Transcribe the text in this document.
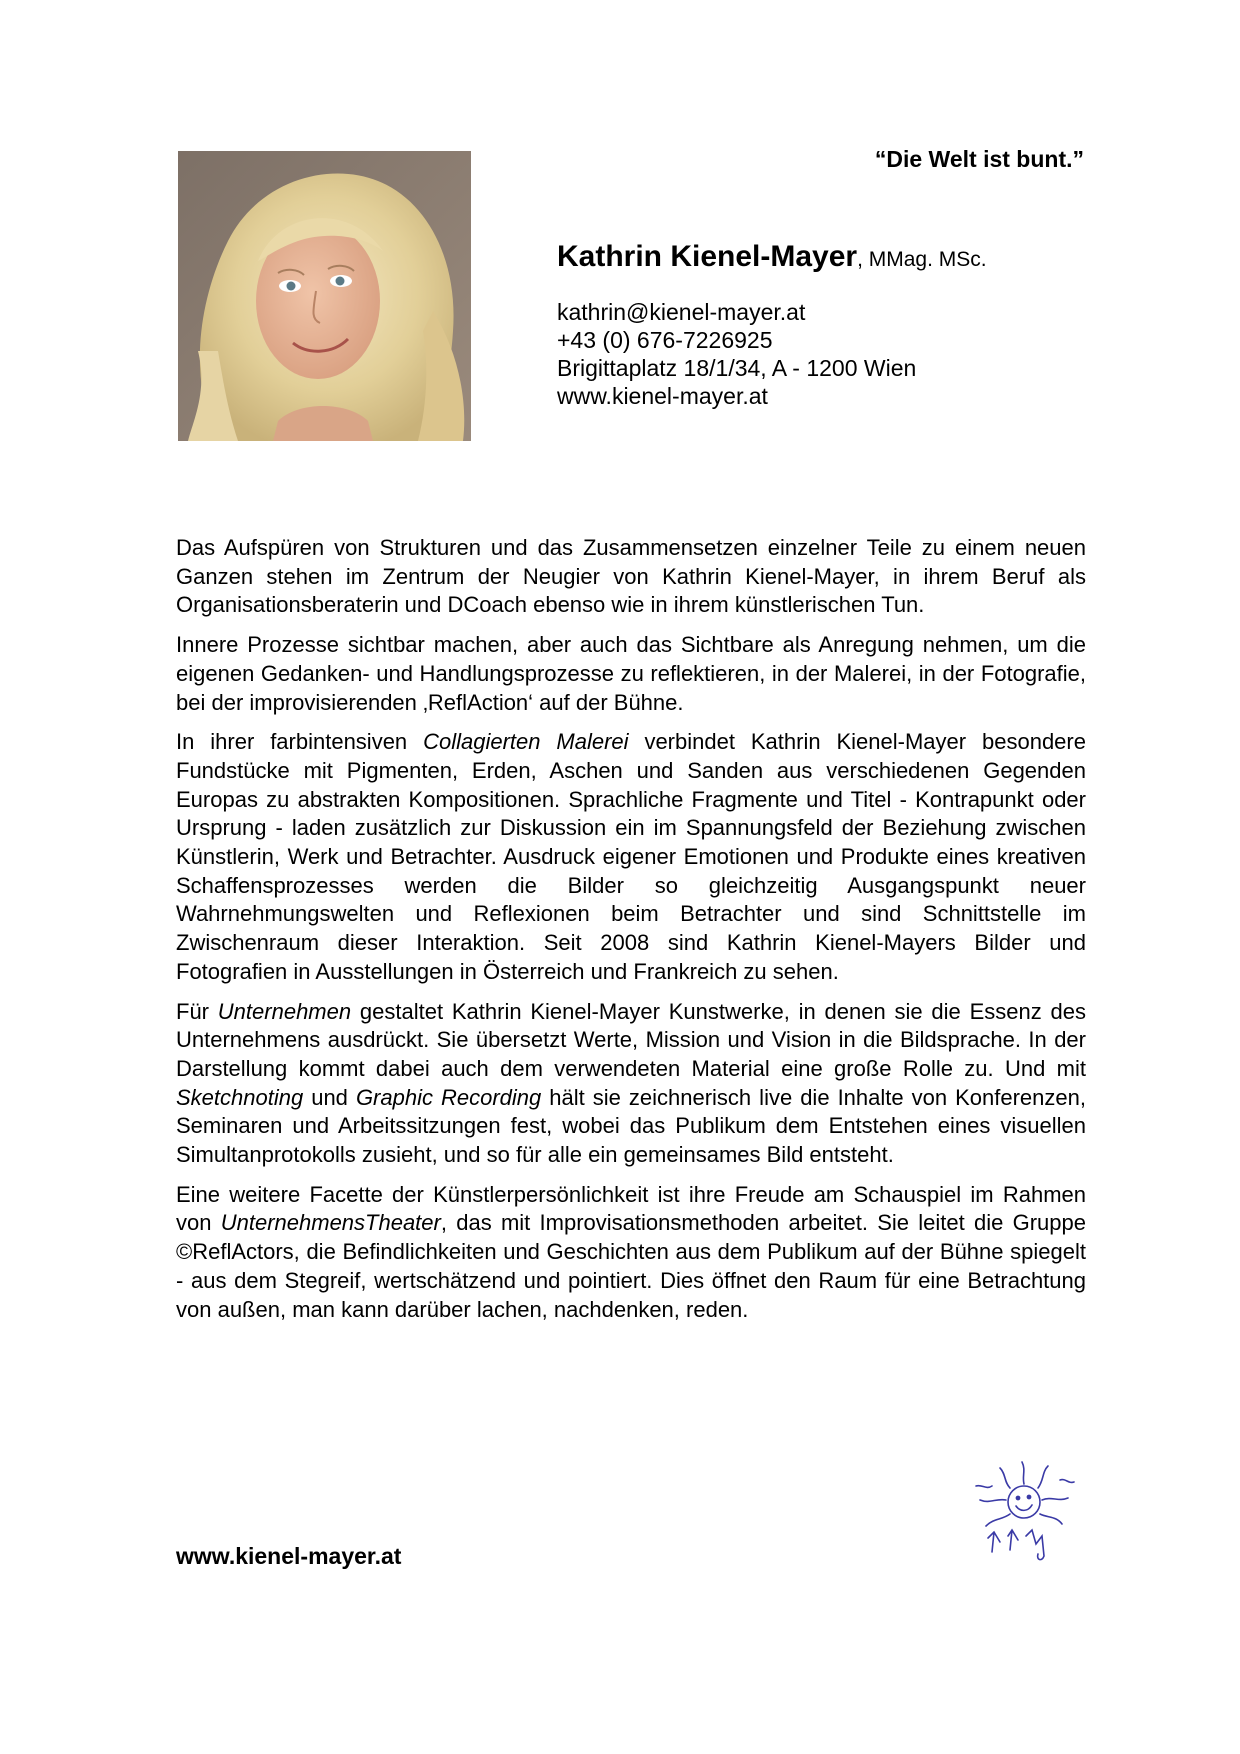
“Die Welt ist bunt.”

Kathrin Kienel-Mayer, MMag. MSc.

kathrin@kienel-mayer.at

+43 (0) 676-7226925

Brigittaplatz 18/1/34, A - 1200 Wien

www.kienel-mayer.at

Das Aufspüren von Strukturen und das Zusammensetzen einzelner Teile zu einem neuen Ganzen stehen im Zentrum der Neugier von Kathrin Kienel-Mayer, in ihrem Beruf als Organisationsberaterin und DCoach ebenso wie in ihrem künstlerischen Tun.

Innere Prozesse sichtbar machen, aber auch das Sichtbare als Anregung nehmen, um die eigenen Gedanken- und Handlungsprozesse zu reflektieren, in der Malerei, in der Fotografie, bei der improvisierenden ‚ReflAction‘ auf der Bühne.

In ihrer farbintensiven Collagierten Malerei verbindet Kathrin Kienel-Mayer besondere Fundstücke mit Pigmenten, Erden, Aschen und Sanden aus verschiedenen Gegenden Europas zu abstrakten Kompositionen. Sprachliche Fragmente und Titel - Kontrapunkt oder Ursprung - laden zusätzlich zur Diskussion ein im Spannungsfeld der Beziehung zwischen Künstlerin, Werk und Betrachter. Ausdruck eigener Emotionen und Produkte eines kreativen Schaffensprozesses werden die Bilder so gleichzeitig Ausgangspunkt neuer Wahrnehmungswelten und Reflexionen beim Betrachter und sind Schnittstelle im Zwischenraum dieser Interaktion. Seit 2008 sind Kathrin Kienel-Mayers Bilder und Fotografien in Ausstellungen in Österreich und Frankreich zu sehen.

Für Unternehmen gestaltet Kathrin Kienel-Mayer Kunstwerke, in denen sie die Essenz des Unternehmens ausdrückt. Sie übersetzt Werte, Mission und Vision in die Bildsprache. In der Darstellung kommt dabei auch dem verwendeten Material eine große Rolle zu. Und mit Sketchnoting und Graphic Recording hält sie zeichnerisch live die Inhalte von Konferenzen, Seminaren und Arbeitssitzungen fest, wobei das Publikum dem Entstehen eines visuellen Simultanprotokolls zusieht, und so für alle ein gemeinsames Bild entsteht.

Eine weitere Facette der Künstlerpersönlichkeit ist ihre Freude am Schauspiel im Rahmen von UnternehmensTheater, das mit Improvisationsmethoden arbeitet. Sie leitet die Gruppe ©ReflActors, die Befindlichkeiten und Geschichten aus dem Publikum auf der Bühne spiegelt - aus dem Stegreif, wertschätzend und pointiert. Dies öffnet den Raum für eine Betrachtung von außen, man kann darüber lachen, nachdenken, reden.

www.kienel-mayer.at
